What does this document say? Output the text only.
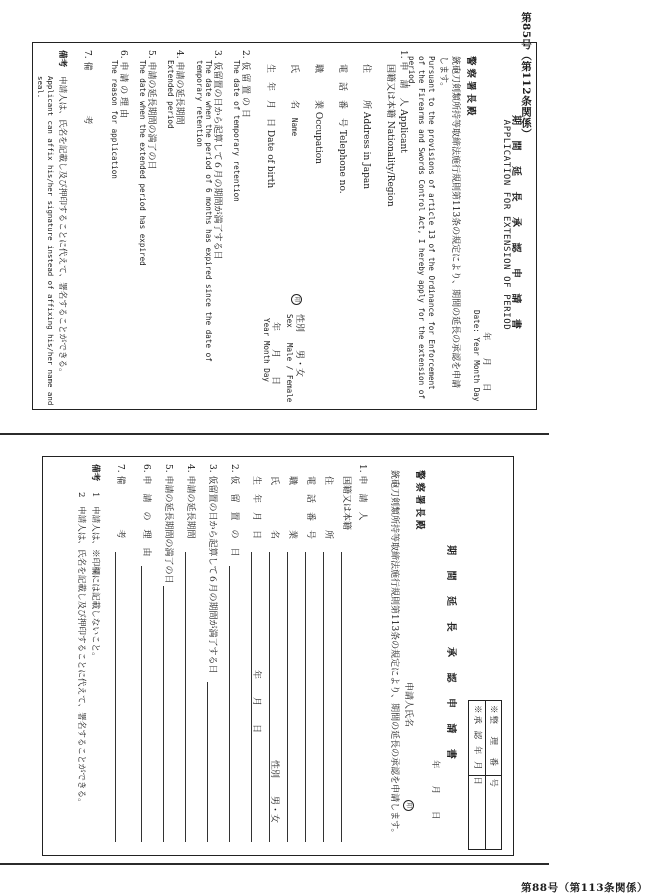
第85号（第112条関係）
期 間 延 長 承 認 申 請 書
APPLICATION FOR EXTENSION OF PERIOD
年　　月　　日
Date: Year Month Day
警察署長殿
銃砲刀剣類所持等取締法施行規則第113条の規定により、期間の延長の承認を申請します。
Pursuant to the provisions of article 13 of the Ordinance for Enforcement of the Firearms and Swords Control Act, I hereby apply for the extension of period.
1. 申　請　人 Applicant
国籍又は本籍 Nationality/Region
住　　　所 Address in Japan
電　話　番　号 Telephone no.
職　　　業 Occupation
氏　　　名 Name
印
性別　　男・女
Sex　　Male / Female
生　年　月　日 Date of birth
年　　月　　日
Year Month Day
2. 仮 留 置 の 日
The date of temporary retention
3. 仮留置の日から起算して６月の期間が満了する日
The date when the period of 6 months has expired since the date of temporary retention
4. 申請の延長期間
Extended period
5. 申請の延長期間の満了の日
The date when the extended period has expired
6. 申 請 の 理 由
The reason for application
7. 備　　　　　考
備考
申請人は、氏名を記載し及び押印することに代えて、署名することができる。
Applicant can affix his/her signature instead of affixing his/her name and seal.
※整　理　番　号
※承 認 年 月 日
期 間 延 長 承 認 申 請 書
年　　月　　日
警察署長殿
申請人氏名 印
銃砲刀剣類所持等取締法施行規則第113条の規定により、期間の延長の承認を申請します。
1. 申　請　人
国籍又は本籍
住　　　　　所
電　話　番　号
職　　　　　業
氏　　　　　名
性別　　男・女
生　年　月　日
年　　月　　日
2. 仮　留　置　の　日
3. 仮留置の日から起算して６月の期間が満了する日
4. 申請の延長期間
5. 申請の延長期間の満了の日
6. 申　請　の　理　由
7. 備　　　　　考
備考
1　申請人は、※印欄には記載しないこと。
2　申請人は、氏名を記載し及び押印することに代えて、署名することができる。
第88号（第113条関係）
